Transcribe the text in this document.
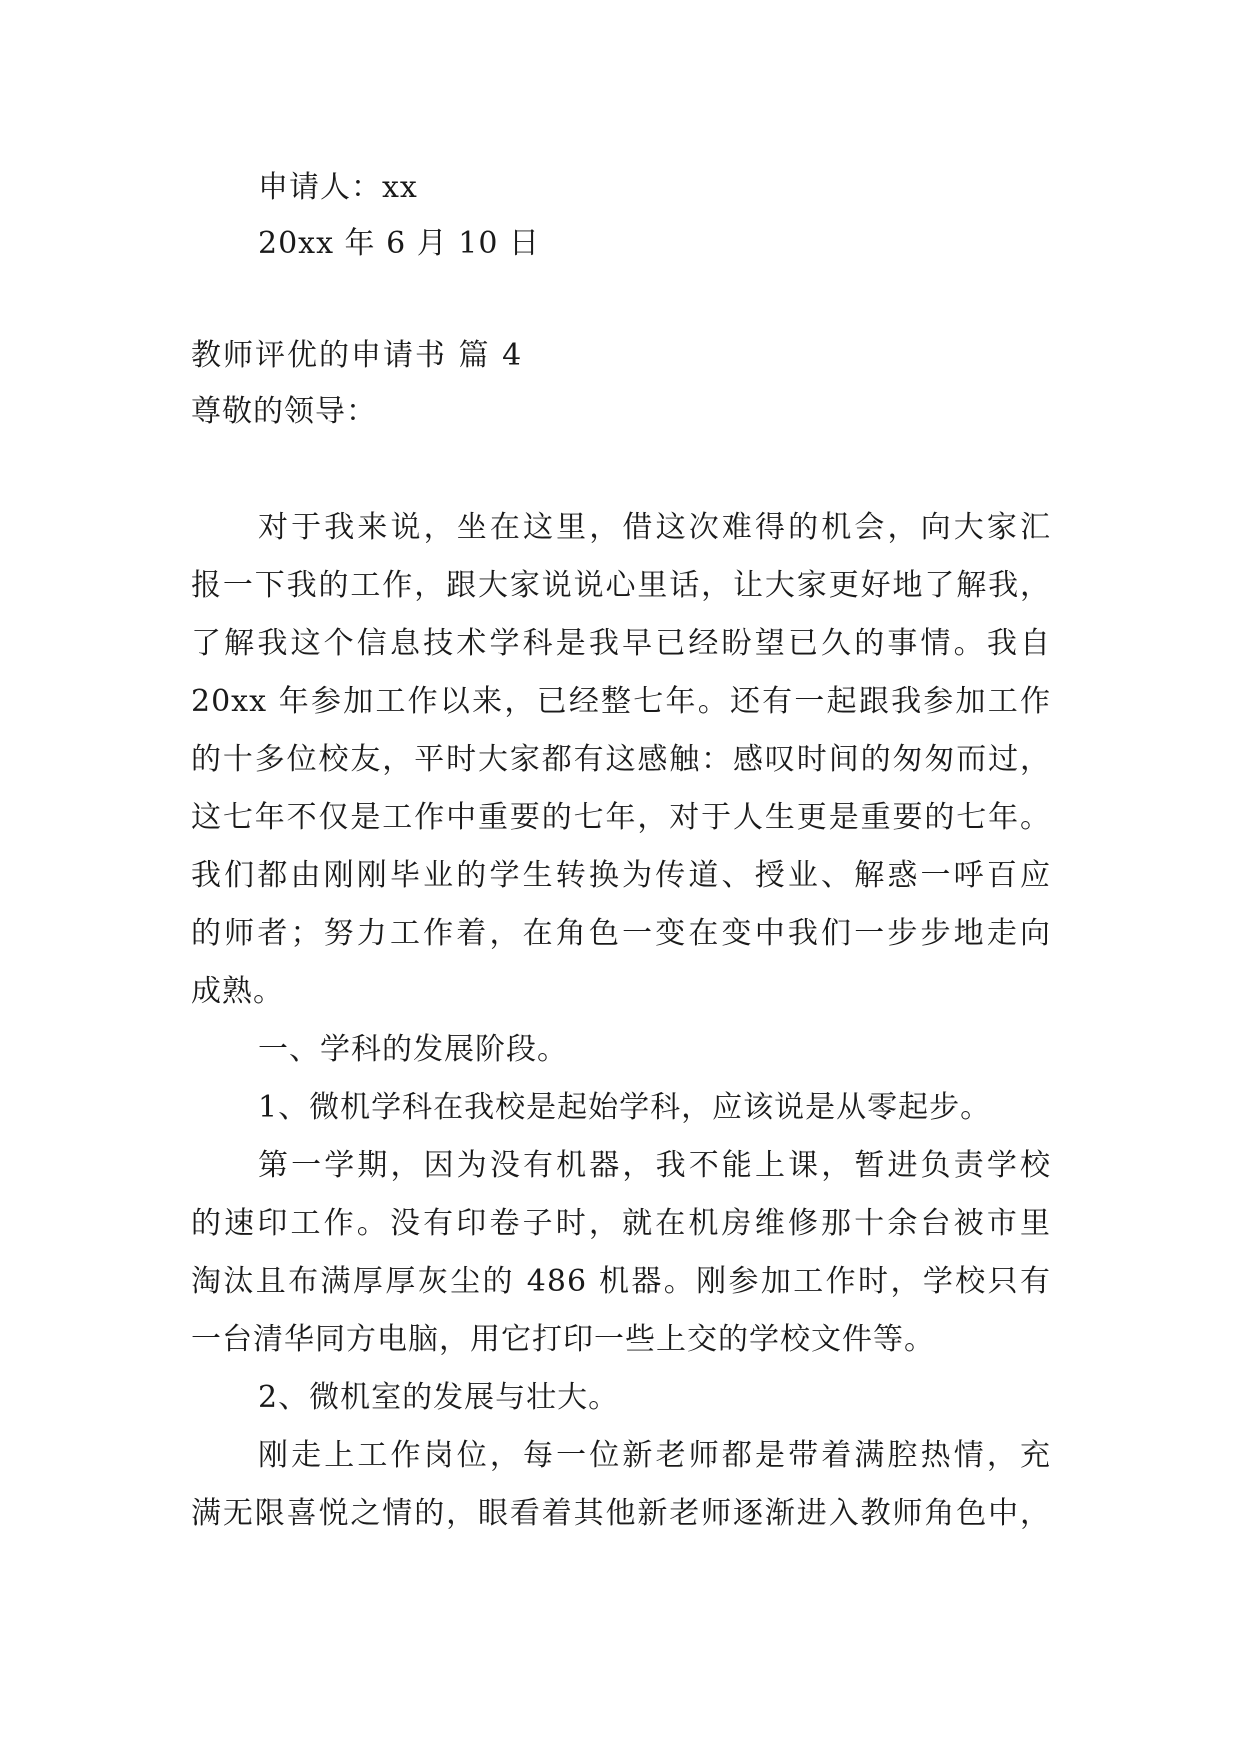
申请人：xx
20xx 年 6 月 10 日
教师评优的申请书 篇 4
尊敬的领导：
对于我来说，坐在这里，借这次难得的机会，向大家汇
报一下我的工作，跟大家说说心里话，让大家更好地了解我，
了解我这个信息技术学科是我早已经盼望已久的事情。我自
20xx 年参加工作以来，已经整七年。还有一起跟我参加工作
的十多位校友，平时大家都有这感触：感叹时间的匆匆而过，
这七年不仅是工作中重要的七年，对于人生更是重要的七年。
我们都由刚刚毕业的学生转换为传道、授业、解惑一呼百应
的师者；努力工作着，在角色一变在变中我们一步步地走向
成熟。
一、学科的发展阶段。
1、微机学科在我校是起始学科，应该说是从零起步。
第一学期，因为没有机器，我不能上课，暂进负责学校
的速印工作。没有印卷子时，就在机房维修那十余台被市里
淘汰且布满厚厚灰尘的 486 机器。刚参加工作时，学校只有
一台清华同方电脑，用它打印一些上交的学校文件等。
2、微机室的发展与壮大。
刚走上工作岗位，每一位新老师都是带着满腔热情，充
满无限喜悦之情的，眼看着其他新老师逐渐进入教师角色中，
